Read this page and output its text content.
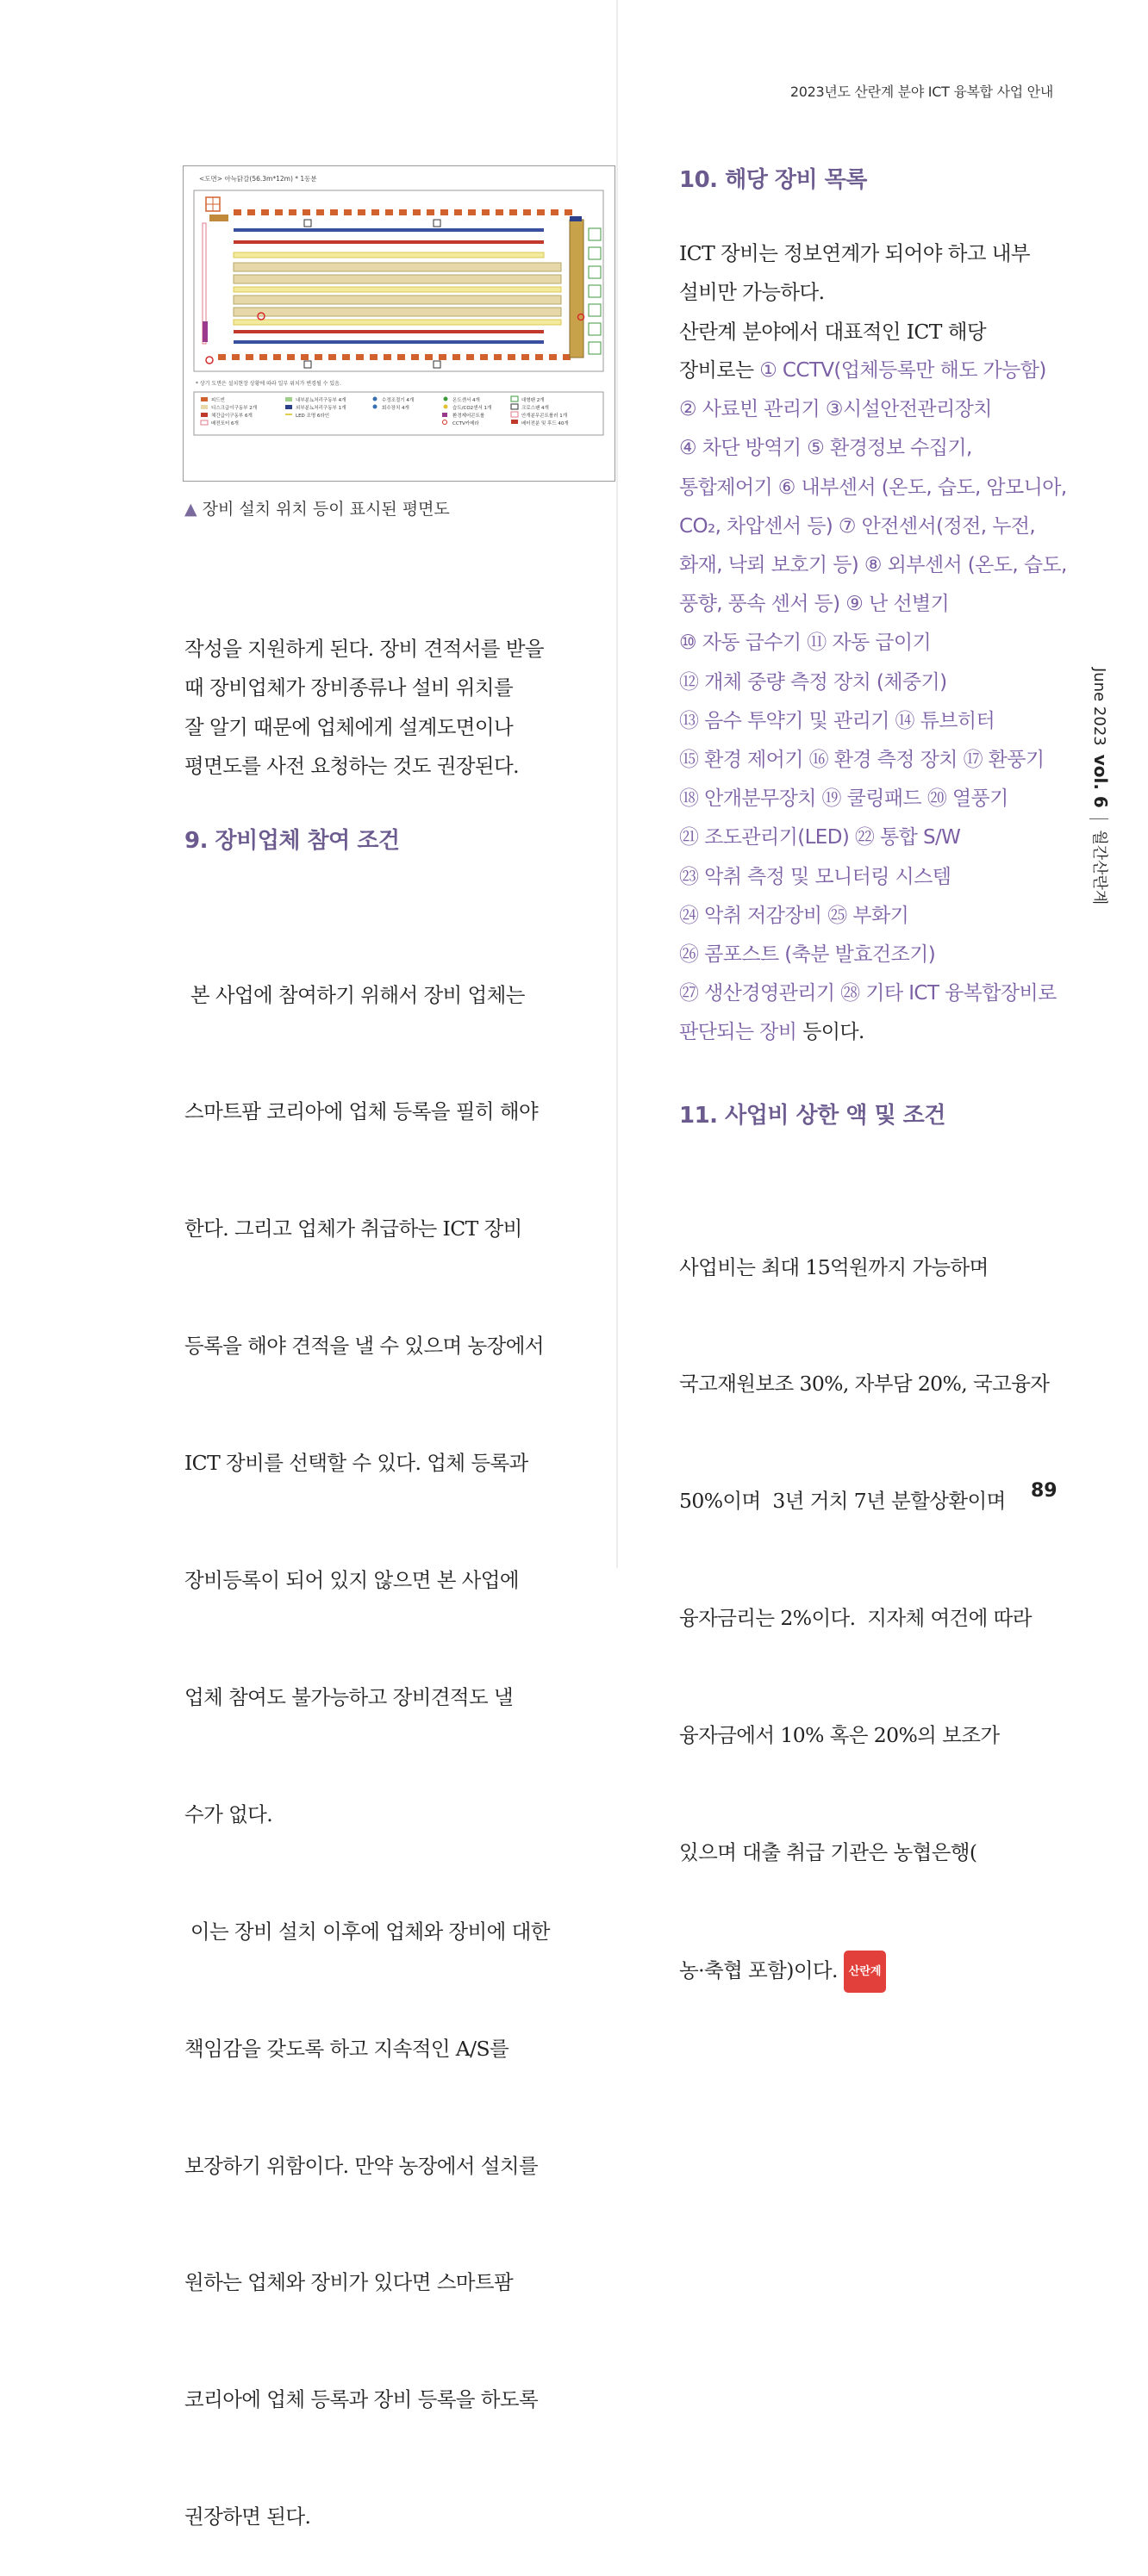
2023년도 산란계 분야 ICT 융복합 사업 안내
<도면> 아늑닭갈(56.3m*12m) * 1동분
* 상기 도면은 설치현장 상황에 따라 일부 위치가 변경될 수 있음.
피드빈	내부분뇨처리구동부 4개	수정조절기 4개	온도센서 4개	대형팬 2개
디스크급이구동부 2개	외부분뇨처리구동부 1개	회수장치 4개	습도/CO2센서 1개	크로스팬 4개
체간급이구동부 6개	LED 조명 6라인	환경제어콘트롤	안개분무콘트롤러 1개
배전포터 6개	CCTV카메라	배터전분 및 후드 40개
▲ 장비 설치 위치 등이 표시된 평면도

작성을 지원하게 된다. 장비 견적서를 받을

때 장비업체가 장비종류나 설비 위치를

잘 알기 때문에 업체에게 설계도면이나

평면도를 사전 요청하는 것도 권장된다.

9. 장비업체 참여 조건

본 사업에 참여하기 위해서 장비 업체는

스마트팜 코리아에 업체 등록을 필히 해야

한다. 그리고 업체가 취급하는 ICT 장비

등록을 해야 견적을 낼 수 있으며 농장에서

ICT 장비를 선택할 수 있다. 업체 등록과

장비등록이 되어 있지 않으면 본 사업에

업체 참여도 불가능하고 장비견적도 낼

수가 없다.

이는 장비 설치 이후에 업체와 장비에 대한

책임감을 갖도록 하고 지속적인 A/S를

보장하기 위함이다. 만약 농장에서 설치를

원하는 업체와 장비가 있다면 스마트팜

코리아에 업체 등록과 장비 등록을 하도록

권장하면 된다.

10. 해당 장비 목록

ICT 장비는 정보연계가 되어야 하고 내부

설비만 가능하다.

산란계 분야에서 대표적인 ICT 해당

장비로는 ① CCTV(업체등록만 해도 가능함)

② 사료빈 관리기 ③시설안전관리장치

④ 차단 방역기 ⑤ 환경정보 수집기,

통합제어기 ⑥ 내부센서 (온도, 습도, 암모니아,

CO₂, 차압센서 등) ⑦ 안전센서(정전, 누전,

화재, 낙뢰 보호기 등) ⑧ 외부센서 (온도, 습도,

풍향, 풍속 센서 등) ⑨ 난 선별기

⑩ 자동 급수기 ⑪ 자동 급이기

⑫ 개체 중량 측정 장치 (체중기)

⑬ 음수 투약기 및 관리기 ⑭ 튜브히터

⑮ 환경 제어기 ⑯ 환경 측정 장치 ⑰ 환풍기

⑱ 안개분무장치 ⑲ 쿨링패드 ⑳ 열풍기

㉑ 조도관리기(LED) ㉒ 통합 S/W

㉓ 악취 측정 및 모니터링 시스템

㉔ 악취 저감장비 ㉕ 부화기

㉖ 콤포스트 (축분 발효건조기)

㉗ 생산경영관리기 ㉘ 기타 ICT 융복합장비로

판단되는 장비 등이다.

11. 사업비 상한 액 및 조건

사업비는 최대 15억원까지 가능하며

국고재원보조 30%, 자부담 20%, 국고융자

50%이며  3년 거치 7년 분할상환이며

융자금리는 2%이다.  지자체 여건에 따라

융자금에서 10% 혹은 20%의 보조가

있으며 대출 취급 기관은 농협은행(

농·축협 포함)이다. 산란계

June 2023vol. 6월간산란계
89
